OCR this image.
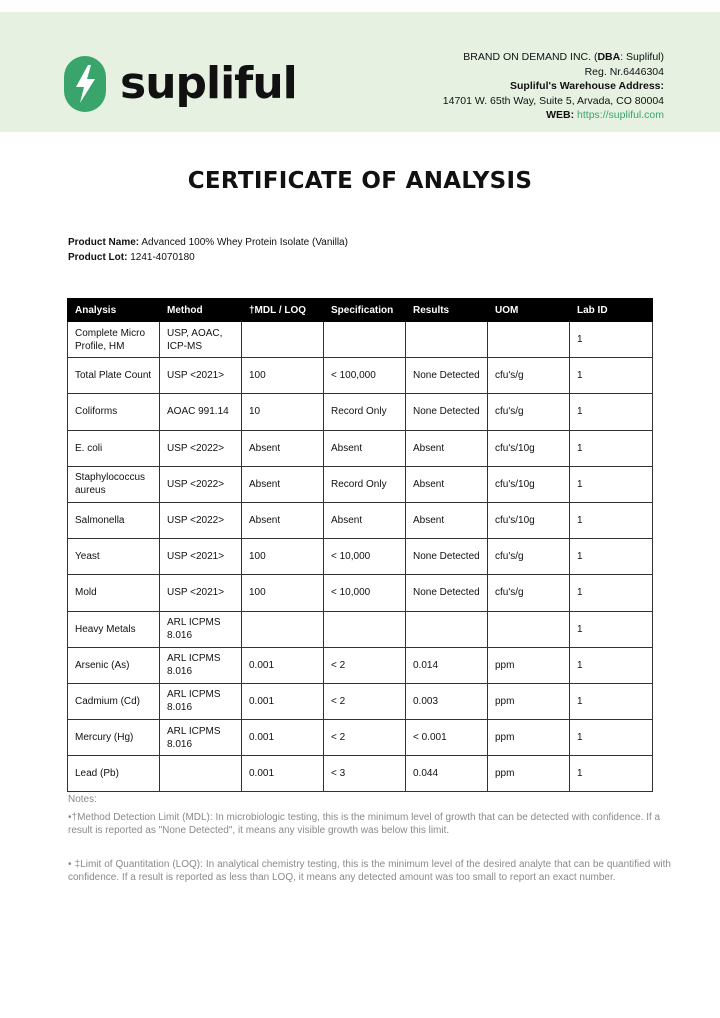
supliful
BRAND ON DEMAND INC. (DBA: Supliful)
Reg. Nr.6446304
Supliful's Warehouse Address:
14701 W. 65th Way, Suite 5, Arvada, CO 80004
WEB: https://supliful.com
CERTIFICATE OF ANALYSIS
Product Name: Advanced 100% Whey Protein Isolate (Vanilla)
Product Lot: 1241-4070180
Analysis	Method	†MDL / LOQ	Specification	Results	UOM	Lab ID
Complete Micro Profile, HM	USP, AOAC, ICP-MS					1
Total Plate Count	USP <2021>	100	< 100,000	None Detected	cfu's/g	1
Coliforms	AOAC 991.14	10	Record Only	None Detected	cfu's/g	1
E. coli	USP <2022>	Absent	Absent	Absent	cfu's/10g	1
Staphylococcus aureus	USP <2022>	Absent	Record Only	Absent	cfu's/10g	1
Salmonella	USP <2022>	Absent	Absent	Absent	cfu's/10g	1
Yeast	USP <2021>	100	< 10,000	None Detected	cfu's/g	1
Mold	USP <2021>	100	< 10,000	None Detected	cfu's/g	1
Heavy Metals	ARL ICPMS 8.016					1
Arsenic (As)	ARL ICPMS 8.016	0.001	< 2	0.014	ppm	1
Cadmium (Cd)	ARL ICPMS 8.016	0.001	< 2	0.003	ppm	1
Mercury (Hg)	ARL ICPMS 8.016	0.001	< 2	< 0.001	ppm	1
Lead (Pb)		0.001	< 3	0.044	ppm	1

Notes:

•†Method Detection Limit (MDL): In microbiologic testing, this is the minimum level of growth that can be detected with confidence. If a result is reported as "None Detected", it means any visible growth was below this limit.

• ‡Limit of Quantitation (LOQ): In analytical chemistry testing, this is the minimum level of the desired analyte that can be quantified with confidence. If a result is reported as less than LOQ, it means any detected amount was too small to report an exact number.
